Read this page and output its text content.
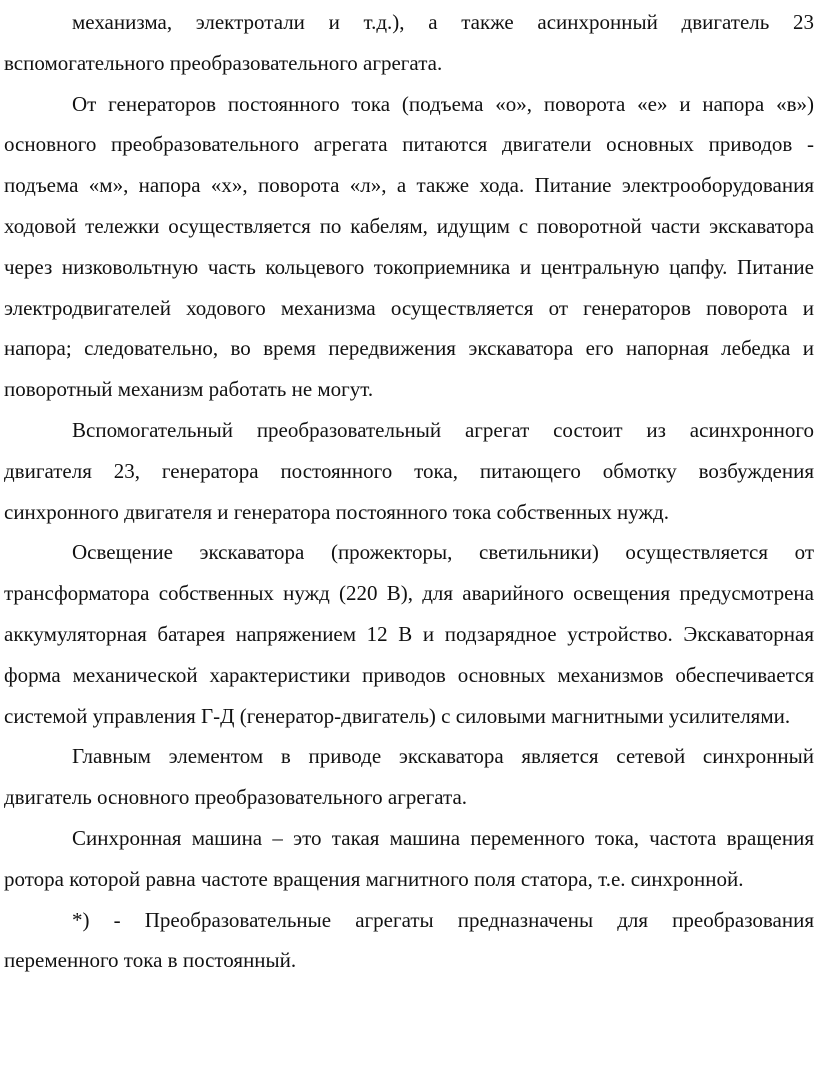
механизма, электротали и т.д.), а также асинхронный двигатель 23 вспомогательного преобразовательного агрегата.

От генераторов постоянного тока (подъема «о», поворота «е» и напора «в») основного преобразовательного агрегата питаются двигатели основных приводов - подъема «м», напора «х», поворота «л», а также хода. Питание электрооборудования ходовой тележки осуществляется по кабелям, идущим с поворотной части экскаватора через низковольтную часть кольцевого токоприемника и центральную цапфу. Питание электродвигателей ходового механизма осуществляется от генераторов поворота и напора; следовательно, во время передвижения экскаватора его напорная лебедка и поворотный механизм работать не могут.

Вспомогательный преобразовательный агрегат состоит из асинхронного двигателя 23, генератора постоянного тока, питающего обмотку возбуждения синхронного двигателя и генератора постоянного тока собственных нужд.

Освещение экскаватора (прожекторы, светильники) осуществляется от трансформатора собственных нужд (220 В), для аварийного освещения предусмотрена аккумуляторная батарея напряжением 12 В и подзарядное устройство. Экскаваторная форма механической характеристики приводов основных механизмов обеспечивается системой управления Г-Д (генератор-двигатель) с силовыми магнитными усилителями.

Главным элементом в приводе экскаватора является сетевой синхронный двигатель основного преобразовательного агрегата.

Синхронная машина – это такая машина переменного тока, частота вращения ротора которой равна частоте вращения магнитного поля статора, т.е. синхронной.

*) - Преобразовательные агрегаты предназначены для преобразования переменного тока в постоянный.
